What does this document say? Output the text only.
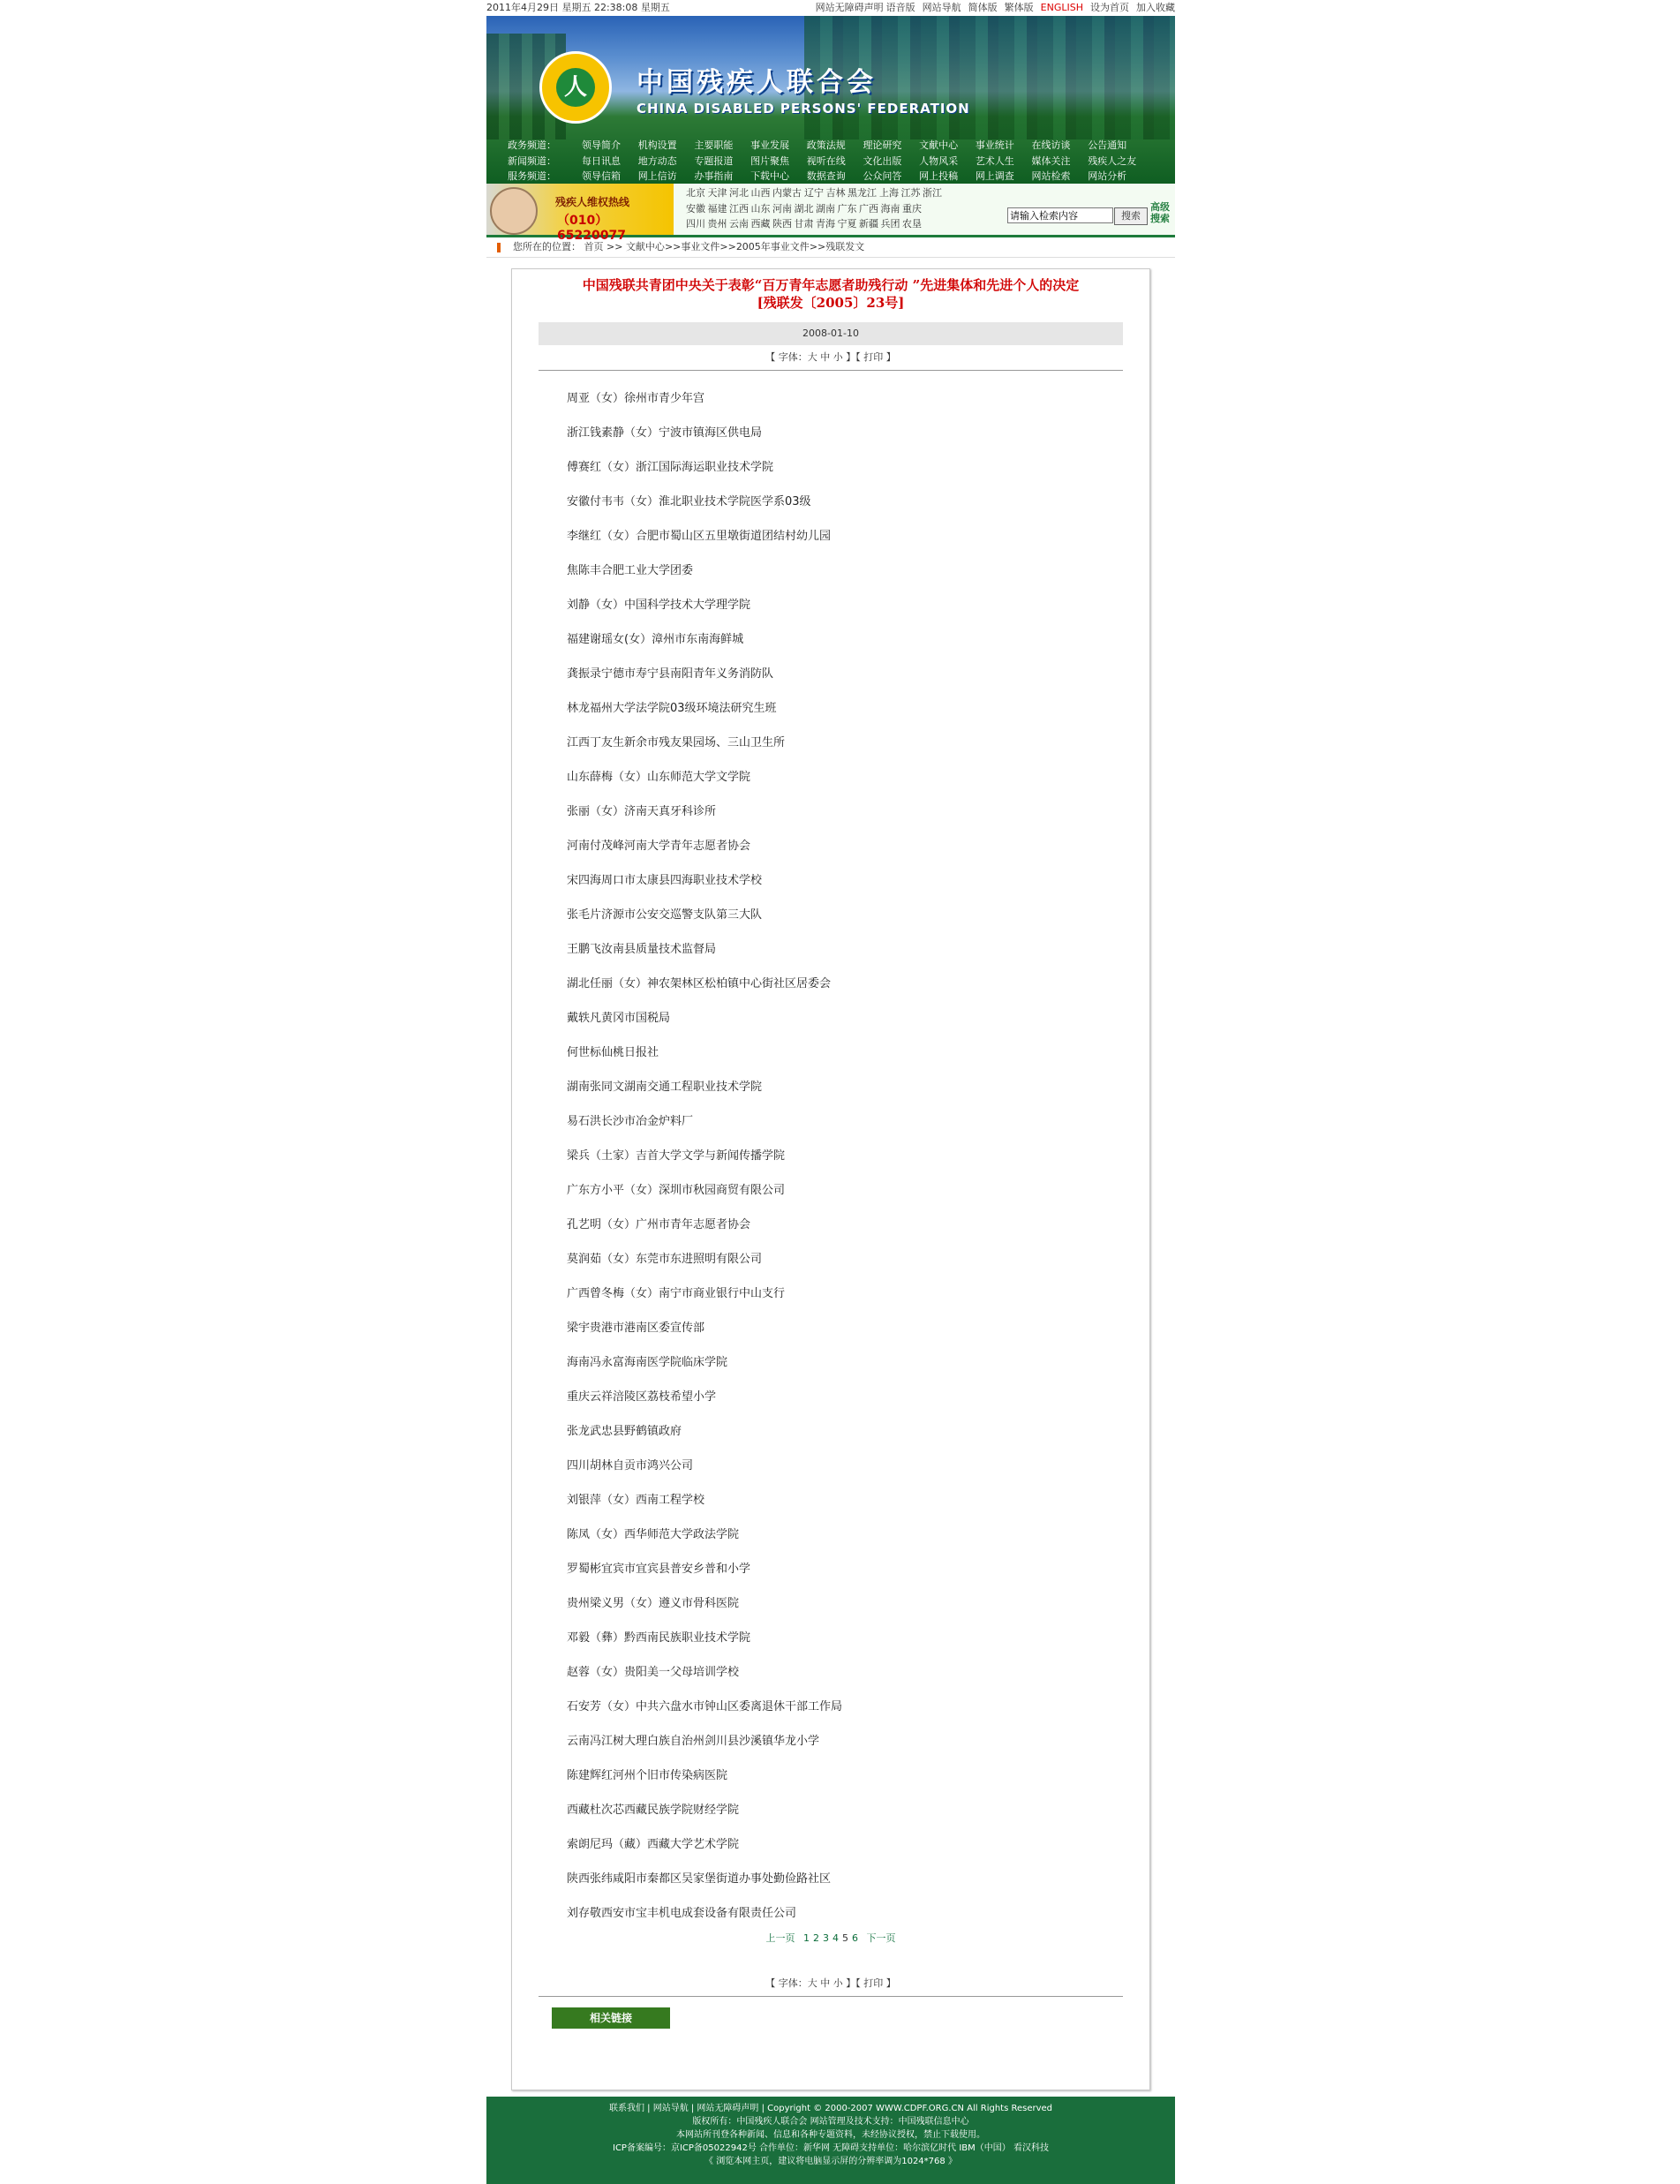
2011年4月29日 星期五 22:38:08 星期五	网站无障碍声明 语音版 网站导航 简体版 繁体版 ENGLISH 设为首页 加入收藏
人	中国残疾人联合会
CHINA DISABLED PERSONS' FEDERATION
政务频道：	领导简介 机构设置 主要职能 事业发展 政策法规 理论研究 文献中心 事业统计 在线访谈 公告通知
新闻频道：	每日讯息 地方动态 专题报道 图片聚焦 视听在线 文化出版 人物风采 艺术人生 媒体关注 残疾人之友
服务频道：	领导信箱 网上信访 办事指南 下载中心 数据查询 公众问答 网上投稿 网上调查 网站检索 网站分析
残疾人维权热线
（010）65220077
北京 天津 河北 山西 内蒙古 辽宁 吉林 黑龙江 上海 江苏 浙江
安徽 福建 江西 山东 河南 湖北 湖南 广东 广西 海南 重庆
四川 贵州 云南 西藏 陕西 甘肃 青海 宁夏 新疆 兵团 农垦
请输入检索内容
搜索
高级搜索
您所在的位置： 首页 >> 文献中心>>事业文件>>2005年事业文件>>残联发文
中国残联共青团中央关于表彰“百万青年志愿者助残行动 ”先进集体和先进个人的决定
[残联发〔2005〕23号]
2008-01-10
【 字体：大 中 小 】【 打印 】
周亚（女）徐州市青少年宫
浙江钱素静（女）宁波市镇海区供电局
傅赛红（女）浙江国际海运职业技术学院
安徽付韦韦（女）淮北职业技术学院医学系03级
李继红（女）合肥市蜀山区五里墩街道团结村幼儿园
焦陈丰合肥工业大学团委
刘静（女）中国科学技术大学理学院
福建谢瑶女(女）漳州市东南海鲜城
龚振录宁德市寿宁县南阳青年义务消防队
林龙福州大学法学院03级环境法研究生班
江西丁友生新余市残友果园场、三山卫生所
山东薛梅（女）山东师范大学文学院
张丽（女）济南天真牙科诊所
河南付茂峰河南大学青年志愿者协会
宋四海周口市太康县四海职业技术学校
张毛片济源市公安交巡警支队第三大队
王鹏飞汝南县质量技术监督局
湖北任丽（女）神农架林区松柏镇中心街社区居委会
戴轶凡黄冈市国税局
何世标仙桃日报社
湖南张同文湖南交通工程职业技术学院
易石洪长沙市冶金炉料厂
梁兵（土家）吉首大学文学与新闻传播学院
广东方小平（女）深圳市秋园商贸有限公司
孔艺明（女）广州市青年志愿者协会
莫润茹（女）东莞市东进照明有限公司
广西曾冬梅（女）南宁市商业银行中山支行
梁宇贵港市港南区委宣传部
海南冯永富海南医学院临床学院
重庆云祥涪陵区荔枝希望小学
张龙武忠县野鹤镇政府
四川胡林自贡市鸿兴公司
刘银萍（女）西南工程学校
陈凤（女）西华师范大学政法学院
罗蜀彬宜宾市宜宾县普安乡普和小学
贵州梁义男（女）遵义市骨科医院
邓毅（彝）黔西南民族职业技术学院
赵蓉（女）贵阳美一父母培训学校
石安芳（女）中共六盘水市钟山区委离退休干部工作局
云南冯江树大理白族自治州剑川县沙溪镇华龙小学
陈建辉红河州个旧市传染病医院
西藏杜次芯西藏民族学院财经学院
索朗尼玛（藏）西藏大学艺术学院
陕西张纬咸阳市秦都区吴家堡街道办事处勤俭路社区
刘存敬西安市宝丰机电成套设备有限责任公司
上一页 1 2 3 4 5 6 下一页
【 字体：大 中 小 】【 打印 】
相关链接
联系我们 | 网站导航 | 网站无障碍声明 | Copyright © 2000-2007 WWW.CDPF.ORG.CN All Rights Reserved
版权所有：中国残疾人联合会 网站管理及技术支持：中国残联信息中心
本网站所刊登各种新闻、信息和各种专题资料，未经协议授权，禁止下载使用。
ICP备案编号：京ICP备05022942号 合作单位：新华网 无障碍支持单位：哈尔滨亿时代 IBM（中国） 看汉科技
《 浏览本网主页，建议将电脑显示屏的分辨率调为1024*768 》
